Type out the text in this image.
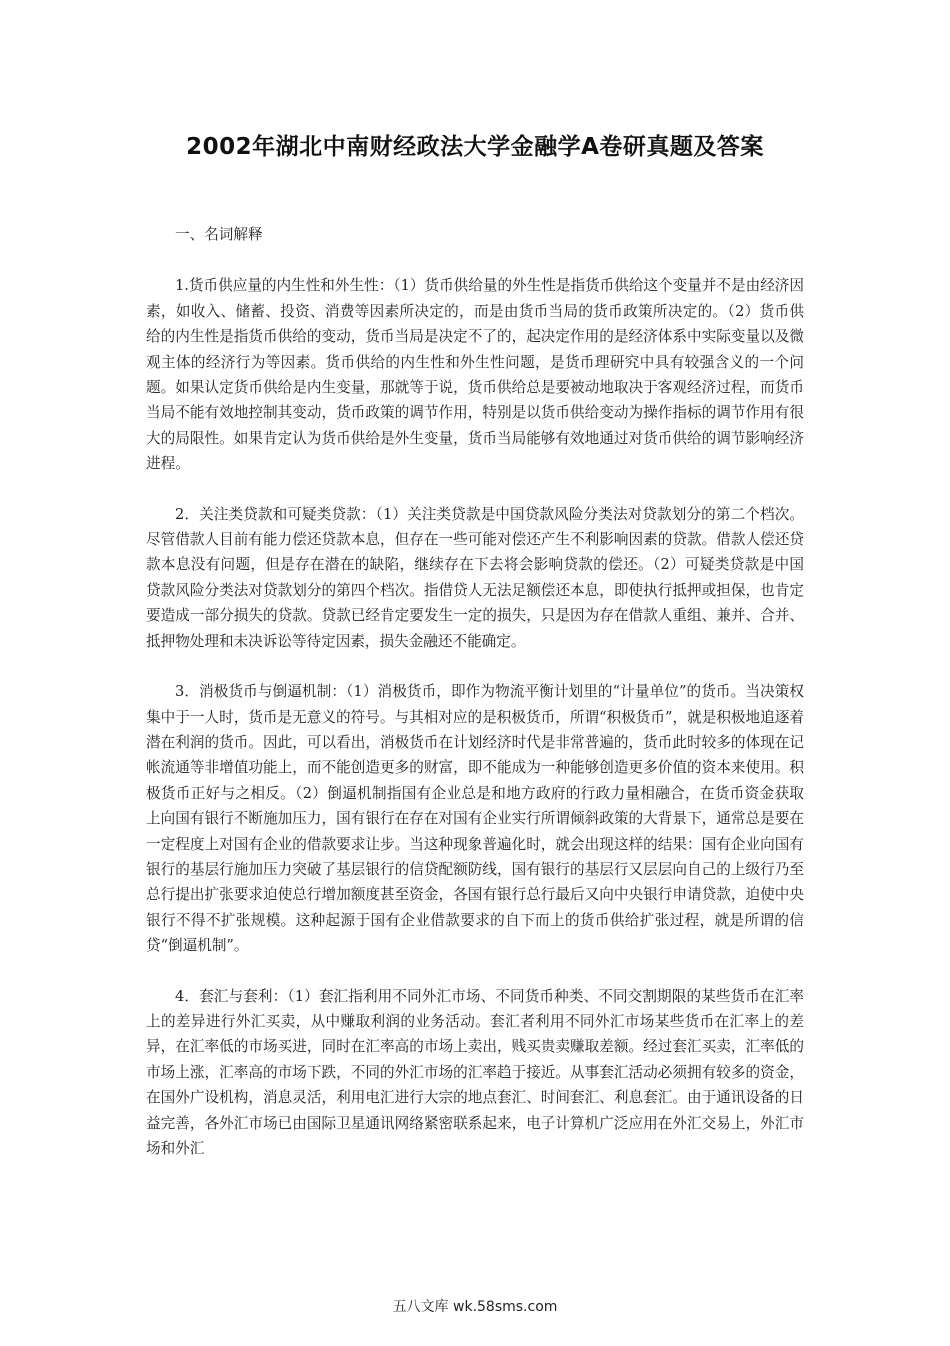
2002年湖北中南财经政法大学金融学A卷研真题及答案

一、名词解释

1.货币供应量的内生性和外生性：（1）货币供给量的外生性是指货币供给这个变量并不是由经济因素，如收入、储蓄、投资、消费等因素所决定的，而是由货币当局的货币政策所决定的。（2）货币供给的内生性是指货币供给的变动，货币当局是决定不了的，起决定作用的是经济体系中实际变量以及微观主体的经济行为等因素。货币供给的内生性和外生性问题，是货币理研究中具有较强含义的一个问题。如果认定货币供给是内生变量，那就等于说，货币供给总是要被动地取决于客观经济过程，而货币当局不能有效地控制其变动，货币政策的调节作用，特别是以货币供给变动为操作指标的调节作用有很大的局限性。如果肯定认为货币供给是外生变量，货币当局能够有效地通过对货币供给的调节影响经济进程。

2．关注类贷款和可疑类贷款：（1）关注类贷款是中国贷款风险分类法对贷款划分的第二个档次。尽管借款人目前有能力偿还贷款本息，但存在一些可能对偿还产生不利影响因素的贷款。借款人偿还贷款本息没有问题，但是存在潜在的缺陷，继续存在下去将会影响贷款的偿还。（2）可疑类贷款是中国贷款风险分类法对贷款划分的第四个档次。指借贷人无法足额偿还本息，即使执行抵押或担保，也肯定要造成一部分损失的贷款。贷款已经肯定要发生一定的损失，只是因为存在借款人重组、兼并、合并、抵押物处理和未决诉讼等待定因素，损失金融还不能确定。

3．消极货币与倒逼机制：（1）消极货币，即作为物流平衡计划里的“计量单位”的货币。当决策权集中于一人时，货币是无意义的符号。与其相对应的是积极货币，所谓“积极货币”，就是积极地追逐着潜在利润的货币。因此，可以看出，消极货币在计划经济时代是非常普遍的，货币此时较多的体现在记帐流通等非增值功能上，而不能创造更多的财富，即不能成为一种能够创造更多价值的资本来使用。积极货币正好与之相反。（2）倒逼机制指国有企业总是和地方政府的行政力量相融合，在货币资金获取上向国有银行不断施加压力，国有银行在存在对国有企业实行所谓倾斜政策的大背景下，通常总是要在一定程度上对国有企业的借款要求让步。当这种现象普遍化时，就会出现这样的结果：国有企业向国有银行的基层行施加压力突破了基层银行的信贷配额防线，国有银行的基层行又层层向自己的上级行乃至总行提出扩张要求迫使总行增加额度甚至资金，各国有银行总行最后又向中央银行申请贷款，迫使中央银行不得不扩张规模。这种起源于国有企业借款要求的自下而上的货币供给扩张过程，就是所谓的信贷“倒逼机制”。

4．套汇与套利：（1）套汇指利用不同外汇市场、不同货币种类、不同交割期限的某些货币在汇率上的差异进行外汇买卖，从中赚取利润的业务活动。套汇者利用不同外汇市场某些货币在汇率上的差异，在汇率低的市场买进，同时在汇率高的市场上卖出，贱买贵卖赚取差额。经过套汇买卖，汇率低的市场上涨，汇率高的市场下跌，不同的外汇市场的汇率趋于接近。从事套汇活动必须拥有较多的资金，在国外广设机构，消息灵活，利用电汇进行大宗的地点套汇、时间套汇、利息套汇。由于通讯设备的日益完善，各外汇市场已由国际卫星通讯网络紧密联系起来，电子计算机广泛应用在外汇交易上，外汇市场和外汇

五八文库 wk.58sms.com
